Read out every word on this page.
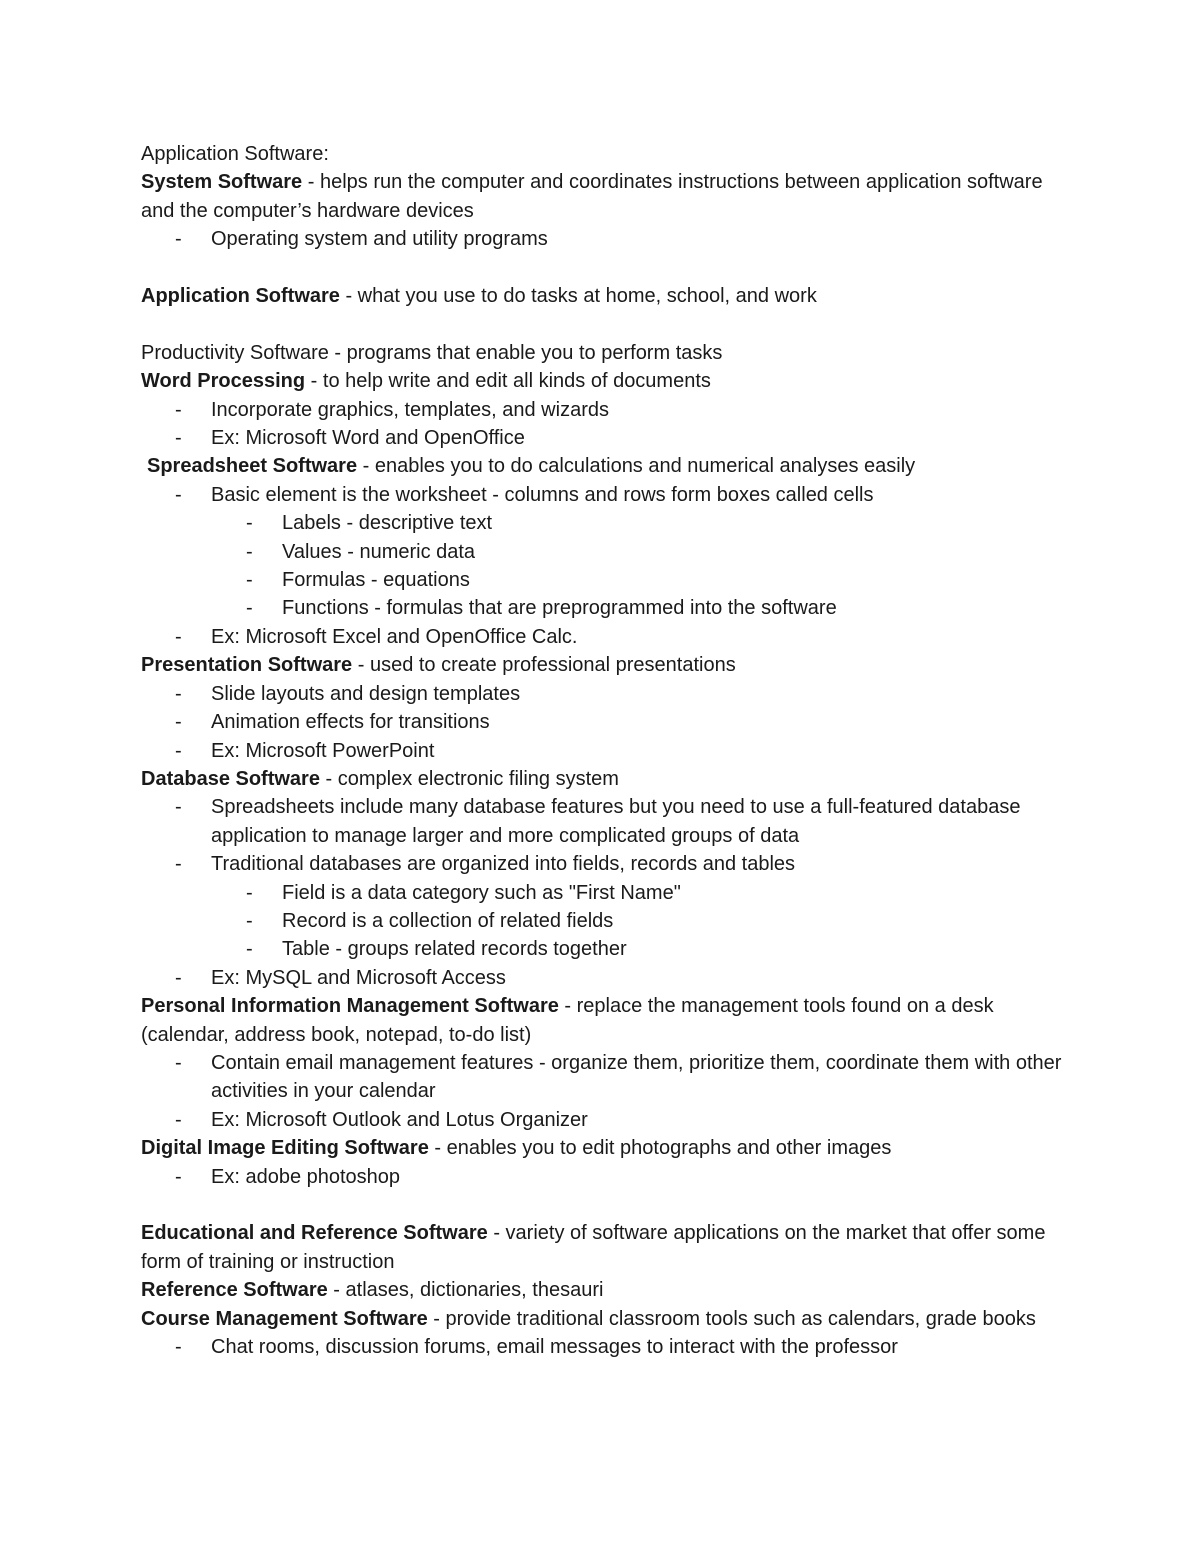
Application Software:

System Software - helps run the computer and coordinates instructions between application software and the computer’s hardware devices

- Operating system and utility programs

Application Software - what you use to do tasks at home, school, and work

Productivity Software - programs that enable you to perform tasks

Word Processing - to help write and edit all kinds of documents

- Incorporate graphics, templates, and wizards

- Ex: Microsoft Word and OpenOffice

Spreadsheet Software - enables you to do calculations and numerical analyses easily

- Basic element is the worksheet - columns and rows form boxes called cells

- Labels - descriptive text

- Values - numeric data

- Formulas - equations

- Functions - formulas that are preprogrammed into the software

- Ex: Microsoft Excel and OpenOffice Calc.

Presentation Software - used to create professional presentations

- Slide layouts and design templates

- Animation effects for transitions

- Ex: Microsoft PowerPoint

Database Software - complex electronic filing system

- Spreadsheets include many database features but you need to use a full-featured database application to manage larger and more complicated groups of data

- Traditional databases are organized into fields, records and tables

- Field is a data category such as "First Name"

- Record is a collection of related fields

- Table - groups related records together

- Ex: MySQL and Microsoft Access

Personal Information Management Software - replace the management tools found on a desk (calendar, address book, notepad, to-do list)

- Contain email management features - organize them, prioritize them, coordinate them with other activities in your calendar

- Ex: Microsoft Outlook and Lotus Organizer

Digital Image Editing Software - enables you to edit photographs and other images

- Ex: adobe photoshop

Educational and Reference Software - variety of software applications on the market that offer some form of training or instruction

Reference Software - atlases, dictionaries, thesauri

Course Management Software - provide traditional classroom tools such as calendars, grade books

- Chat rooms, discussion forums, email messages to interact with the professor
